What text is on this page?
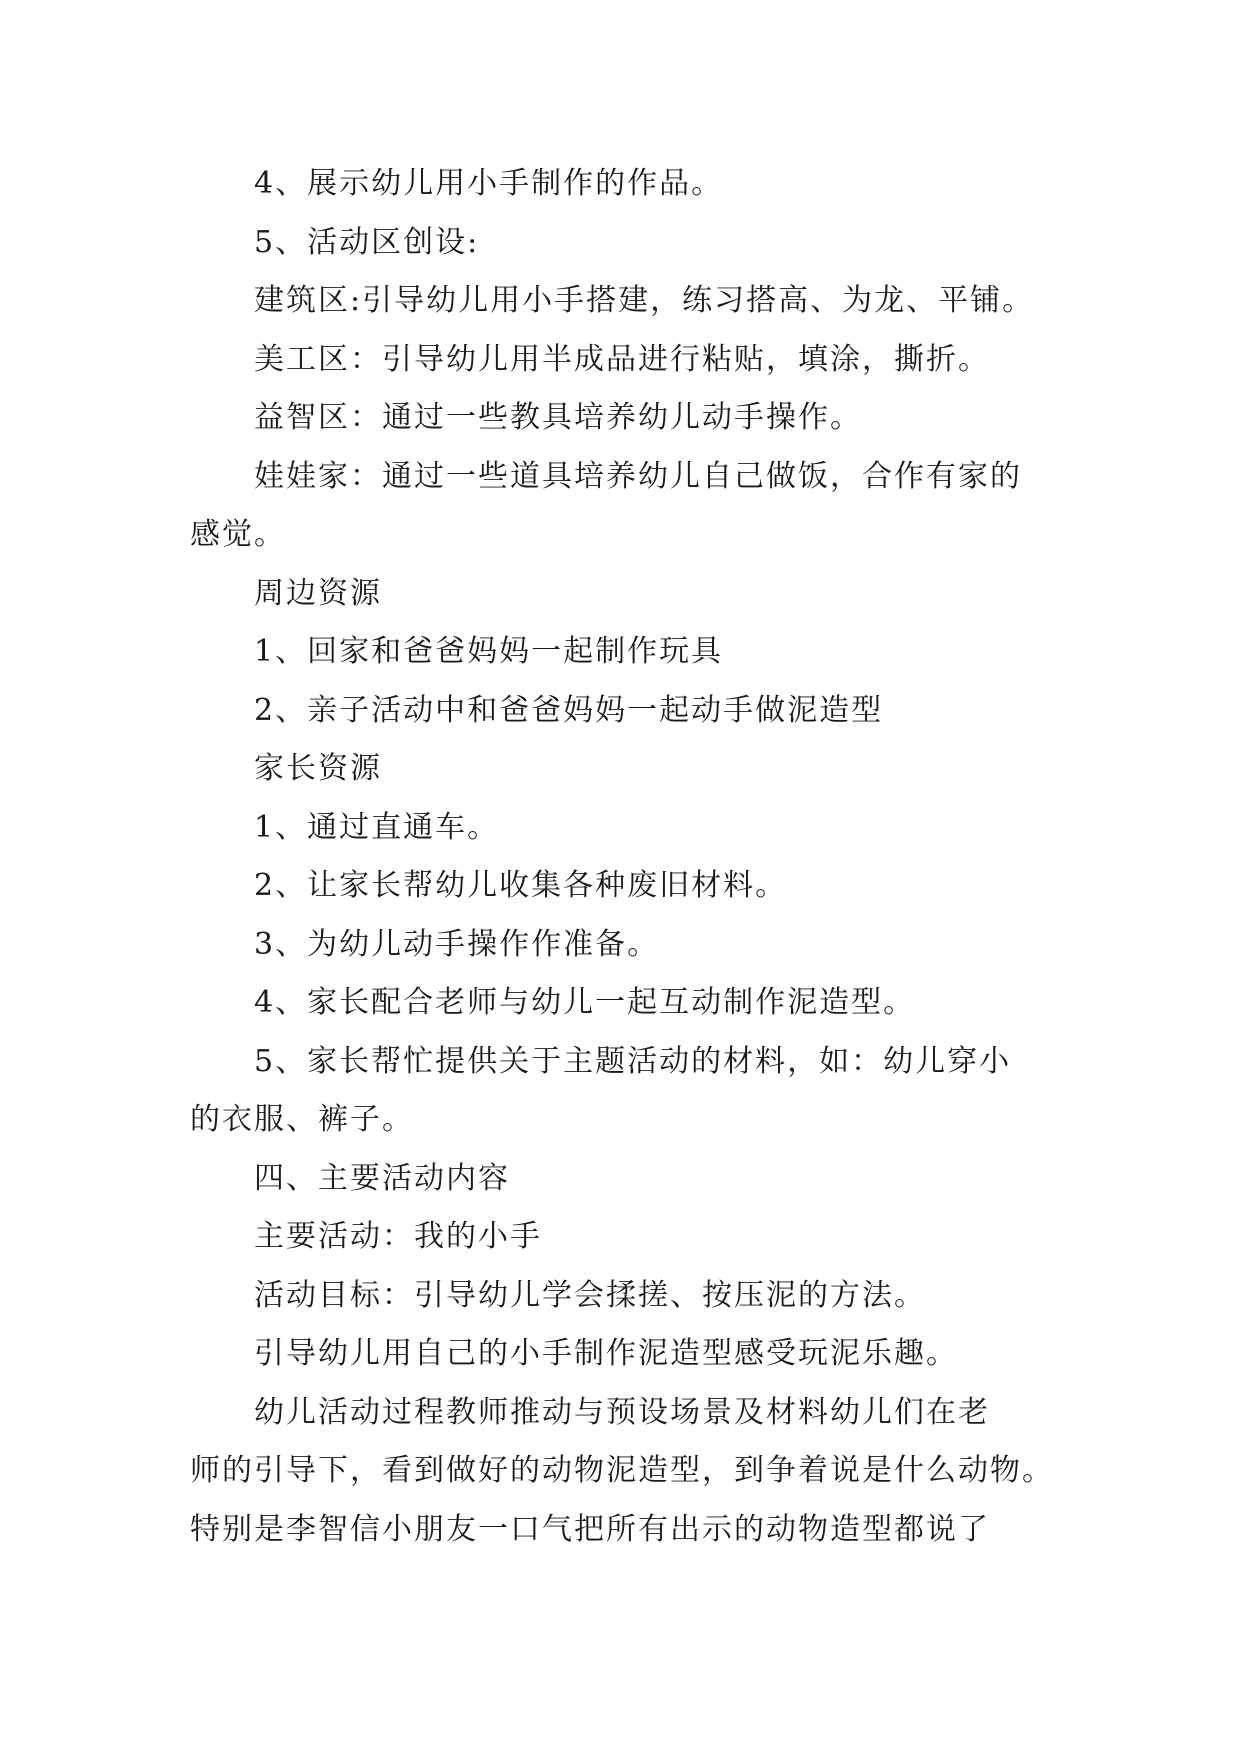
4、展示幼儿用小手制作的作品。
5、活动区创设:
建筑区:引导幼儿用小手搭建，练习搭高、为龙、平铺。
美工区：引导幼儿用半成品进行粘贴，填涂，撕折。
益智区：通过一些教具培养幼儿动手操作。
娃娃家：通过一些道具培养幼儿自己做饭，合作有家的
感觉。
周边资源
1、回家和爸爸妈妈一起制作玩具
2、亲子活动中和爸爸妈妈一起动手做泥造型
家长资源
1、通过直通车。
2、让家长帮幼儿收集各种废旧材料。
3、为幼儿动手操作作准备。
4、家长配合老师与幼儿一起互动制作泥造型。
5、家长帮忙提供关于主题活动的材料，如：幼儿穿小
的衣服、裤子。
四、主要活动内容
主要活动：我的小手
活动目标：引导幼儿学会揉搓、按压泥的方法。
引导幼儿用自己的小手制作泥造型感受玩泥乐趣。
幼儿活动过程教师推动与预设场景及材料幼儿们在老
师的引导下，看到做好的动物泥造型，到争着说是什么动物。
特别是李智信小朋友一口气把所有出示的动物造型都说了
